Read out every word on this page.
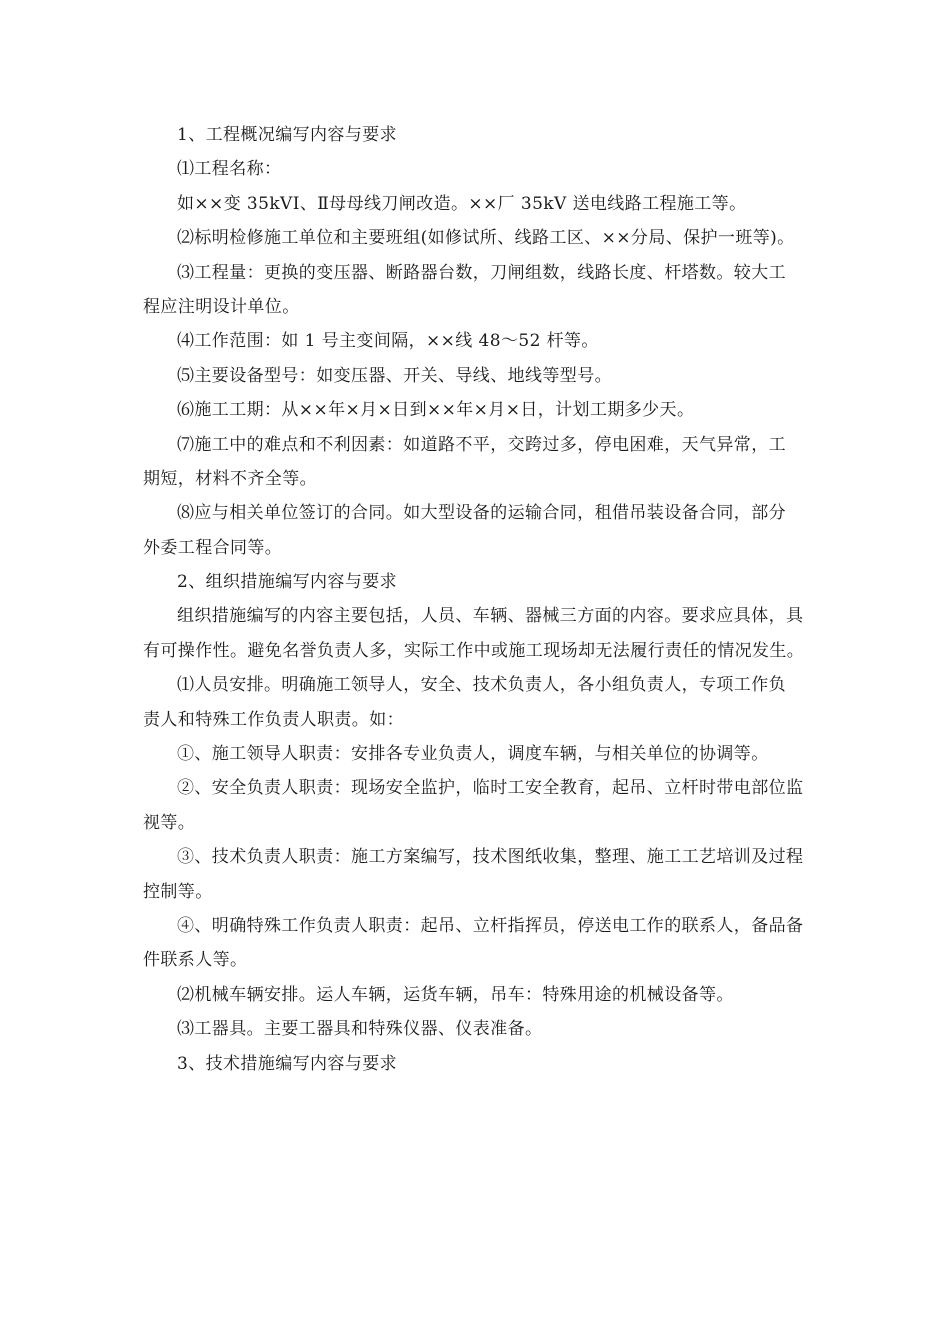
1、工程概况编写内容与要求
⑴工程名称：
如××变 35kVⅠ、Ⅱ母母线刀闸改造。××厂 35kV 送电线路工程施工等。
⑵标明检修施工单位和主要班组(如修试所、线路工区、××分局、保护一班等)。
⑶工程量：更换的变压器、断路器台数，刀闸组数，线路长度、杆塔数。较大工
程应注明设计单位。
⑷工作范围：如 1 号主变间隔，××线 48～52 杆等。
⑸主要设备型号：如变压器、开关、导线、地线等型号。
⑹施工工期：从××年×月×日到××年×月×日，计划工期多少天。
⑺施工中的难点和不利因素：如道路不平，交跨过多，停电困难，天气异常，工
期短，材料不齐全等。
⑻应与相关单位签订的合同。如大型设备的运输合同，租借吊装设备合同，部分
外委工程合同等。
2、组织措施编写内容与要求
组织措施编写的内容主要包括，人员、车辆、器械三方面的内容。要求应具体，具
有可操作性。避免名誉负责人多，实际工作中或施工现场却无法履行责任的情况发生。
⑴人员安排。明确施工领导人，安全、技术负责人，各小组负责人，专项工作负
责人和特殊工作负责人职责。如：
①、施工领导人职责：安排各专业负责人，调度车辆，与相关单位的协调等。
②、安全负责人职责：现场安全监护，临时工安全教育，起吊、立杆时带电部位监
视等。
③、技术负责人职责：施工方案编写，技术图纸收集，整理、施工工艺培训及过程
控制等。
④、明确特殊工作负责人职责：起吊、立杆指挥员，停送电工作的联系人，备品备
件联系人等。
⑵机械车辆安排。运人车辆，运货车辆，吊车：特殊用途的机械设备等。
⑶工器具。主要工器具和特殊仪器、仪表准备。
3、技术措施编写内容与要求
